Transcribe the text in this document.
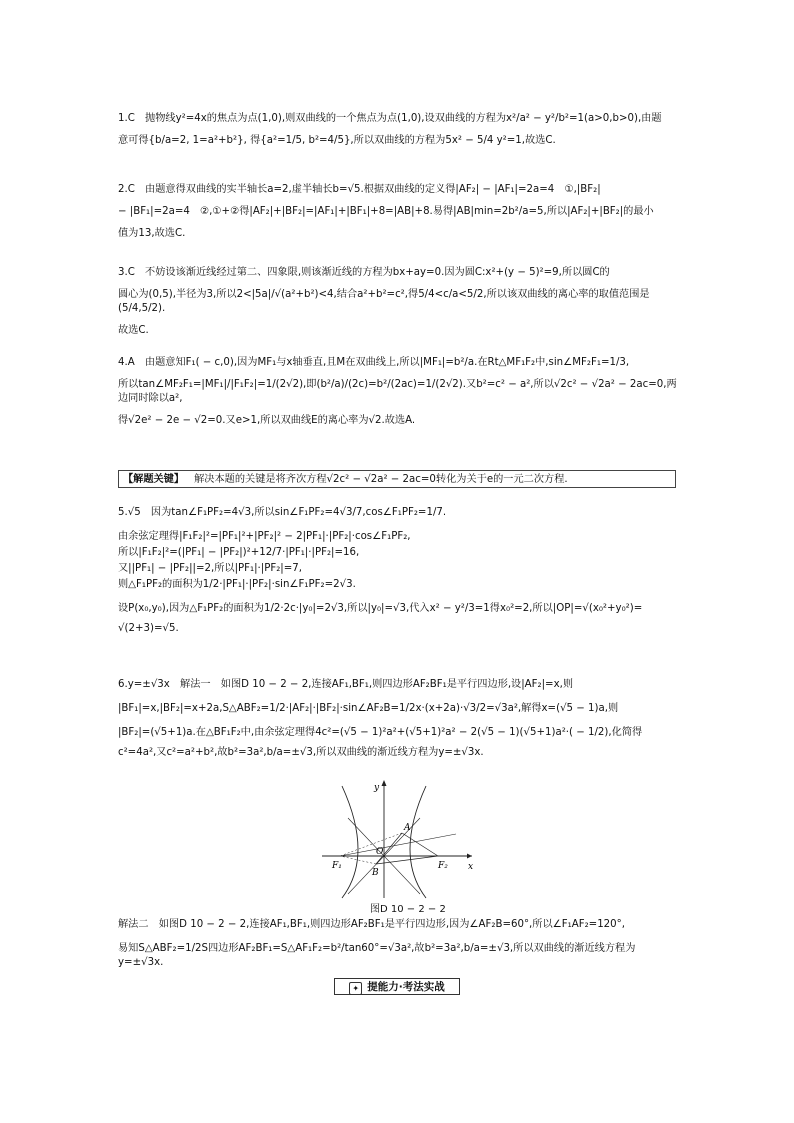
1.C　抛物线y²=4x的焦点为点(1,0),则双曲线的一个焦点为点(1,0),设双曲线的方程为x²/a² − y²/b²=1(a>0,b>0),由题

意可得{b/a=2, 1=a²+b²}, 得{a²=1/5, b²=4/5},所以双曲线的方程为5x² − 5/4 y²=1,故选C.

2.C　由题意得双曲线的实半轴长a=2,虚半轴长b=√5.根据双曲线的定义得|AF₂| − |AF₁|=2a=4　①,|BF₂|

− |BF₁|=2a=4　②,①+②得|AF₂|+|BF₂|=|AF₁|+|BF₁|+8=|AB|+8.易得|AB|min=2b²/a=5,所以|AF₂|+|BF₂|的最小

值为13,故选C.

3.C　不妨设该渐近线经过第二、四象限,则该渐近线的方程为bx+ay=0.因为圆C:x²+(y − 5)²=9,所以圆C的

圆心为(0,5),半径为3,所以2<|5a|/√(a²+b²)<4,结合a²+b²=c²,得5/4<c/a<5/2,所以该双曲线的离心率的取值范围是(5/4,5/2).

故选C.

4.A　由题意知F₁( − c,0),因为MF₁与x轴垂直,且M在双曲线上,所以|MF₁|=b²/a.在Rt△MF₁F₂中,sin∠MF₂F₁=1/3,

所以tan∠MF₂F₁=|MF₁|/|F₁F₂|=1/(2√2),即(b²/a)/(2c)=b²/(2ac)=1/(2√2).又b²=c² − a²,所以√2c² − √2a² − 2ac=0,两边同时除以a²,

得√2e² − 2e − √2=0.又e>1,所以双曲线E的离心率为√2.故选A.

【解题关键】 解决本题的关键是将齐次方程√2c² − √2a² − 2ac=0转化为关于e的一元二次方程.

5.√5　因为tan∠F₁PF₂=4√3,所以sin∠F₁PF₂=4√3/7,cos∠F₁PF₂=1/7.

由余弦定理得|F₁F₂|²=|PF₁|²+|PF₂|² − 2|PF₁|·|PF₂|·cos∠F₁PF₂,

所以|F₁F₂|²=(|PF₁| − |PF₂|)²+12/7·|PF₁|·|PF₂|=16,

又||PF₁| − |PF₂||=2,所以|PF₁|·|PF₂|=7,

则△F₁PF₂的面积为1/2·|PF₁|·|PF₂|·sin∠F₁PF₂=2√3.

设P(x₀,y₀),因为△F₁PF₂的面积为1/2·2c·|y₀|=2√3,所以|y₀|=√3,代入x² − y²/3=1得x₀²=2,所以|OP|=√(x₀²+y₀²)=

√(2+3)=√5.

6.y=±√3x　解法一　如图D 10 − 2 − 2,连接AF₁,BF₁,则四边形AF₂BF₁是平行四边形,设|AF₂|=x,则

|BF₁|=x,|BF₂|=x+2a,S△ABF₂=1/2·|AF₂|·|BF₂|·sin∠AF₂B=1/2x·(x+2a)·√3/2=√3a²,解得x=(√5 − 1)a,则

|BF₂|=(√5+1)a.在△BF₁F₂中,由余弦定理得4c²=(√5 − 1)²a²+(√5+1)²a² − 2(√5 − 1)(√5+1)a²·( − 1/2),化简得

c²=4a²,又c²=a²+b²,故b²=3a²,b/a=±√3,所以双曲线的渐近线方程为y=±√3x.

y
x
A
B
O
F₁	F₂
图D 10 − 2 − 2

解法二　如图D 10 − 2 − 2,连接AF₁,BF₁,则四边形AF₂BF₁是平行四边形,因为∠AF₂B=60°,所以∠F₁AF₂=120°,

易知S△ABF₂=1/2S四边形AF₂BF₁=S△AF₁F₂=b²/tan60°=√3a²,故b²=3a²,b/a=±√3,所以双曲线的渐近线方程为y=±√3x.

✦ 提能力·考法实战
